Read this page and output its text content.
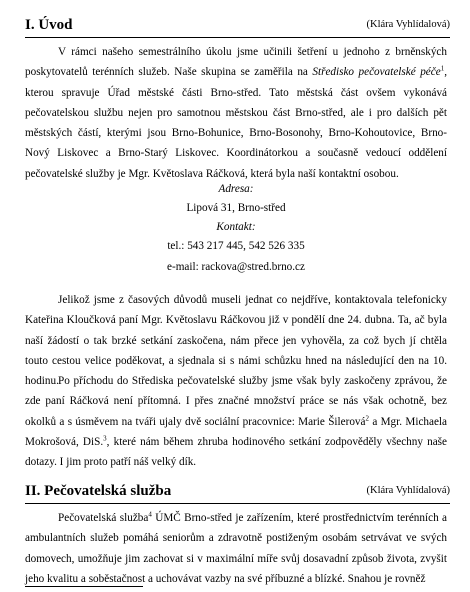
I. Úvod	(Klára Vyhlídalová)

V rámci našeho semestrálního úkolu jsme učinili šetření u jednoho z brněnských poskytovatelů terénních služeb. Naše skupina se zaměřila na Středisko pečovatelské péče$^1$, kterou spravuje Úřad městské části Brno-střed. Tato městská část ovšem vykonává pečovatelskou službu nejen pro samotnou městskou část Brno-střed, ale i pro dalších pět městských částí, kterými jsou Brno-Bohunice, Brno-Bosonohy, Brno-Kohoutovice, Brno-Nový Liskovec a Brno-Starý Liskovec. Koordinátorkou a současně vedoucí oddělení pečovatelské služby je Mgr. Květoslava Ráčková, která byla naší kontaktní osobou.

Adresa:
Lipová 31, Brno-střed
Kontakt:
tel.: 543 217 445, 542 526 335
e-mail: rackova@stred.brno.cz

Jelikož jsme z časových důvodů museli jednat co nejdříve, kontaktovala telefonicky Kateřina Kloučková paní Mgr. Květoslavu Ráčkovou již v pondělí dne 24. dubna. Ta, ač byla naší žádostí o tak brzké setkání zaskočena, nám přece jen vyhověla, za což bych jí chtěla touto cestou velice poděkovat, a sjednala si s námi schůzku hned na následující den na 10. hodinu. Po příchodu do Střediska pečovatelské služby jsme však byly zaskočeny zprávou, že zde paní Ráčková není přítomná. I přes značné množství práce se nás však ochotně, bez okolků a s úsměvem na tváři ujaly dvě sociální pracovnice: Marie Šilerová$^2$ a Mgr. Michaela Mokrošová, DiS.$^3$, které nám během zhruba hodinového setkání zodpověděly všechny naše dotazy. I jim proto patří náš velký dík.

II. Pečovatelská služba	(Klára Vyhlídalová)

Pečovatelská služba$^4$ ÚMČ Brno-střed je zařízením, které prostřednictvím terénních a ambulantních služeb pomáhá seniorům a zdravotně postiženým osobám setrvávat ve svých domovech, umožňuje jim zachovat si v maximální míře svůj dosavadní způsob života, zvyšit jeho kvalitu a soběstačnost a uchovávat vazby na své příbuzné a blízké. Snahou je rovněž
